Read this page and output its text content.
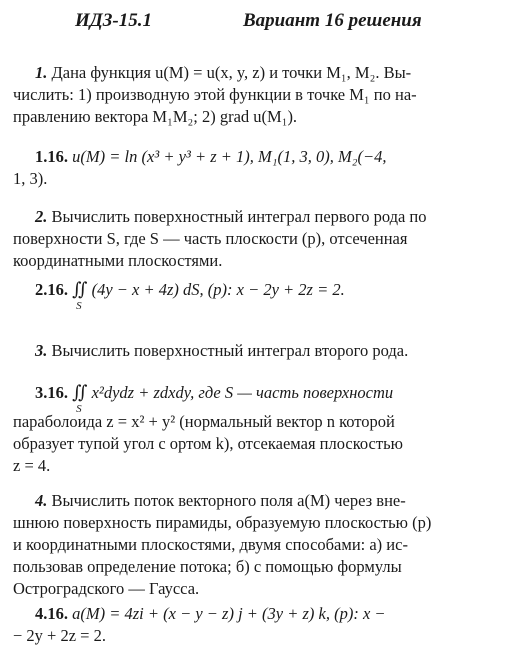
ИДЗ-15.1	Вариант 16 решения
1. Дана функция u(M) = u(x, y, z) и точки M₁, M₂. Вы-
числить: 1) производную этой функции в точке M₁ по на-
правлению вектора M₁M₂; 2) grad u(M₁).
1.16. u(M) = ln (x³ + y³ + z + 1), M₁(1, 3, 0), M₂(−4,
1, 3).
2. Вычислить поверхностный интеграл первого рода по
поверхности S, где S — часть плоскости (p), отсеченная
координатными плоскостями.
2.16. ∬
S
(4y − x + 4z) dS, (p): x − 2y + 2z = 2.
3. Вычислить поверхностный интеграл второго рода.
3.16. ∬
S
x²dydz + zdxdy, где S — часть поверхности
параболоида z = x² + y² (нормальный вектор n которой
образует тупой угол с ортом k), отсекаемая плоскостью
z = 4.
4. Вычислить поток векторного поля a(M) через вне-
шнюю поверхность пирамиды, образуемую плоскостью (p)
и координатными плоскостями, двумя способами: а) ис-
пользовав определение потока; б) с помощью формулы
Остроградского — Гаусса.
4.16. a(M) = 4zi + (x − y − z) j + (3y + z) k, (p): x −
− 2y + 2z = 2.
